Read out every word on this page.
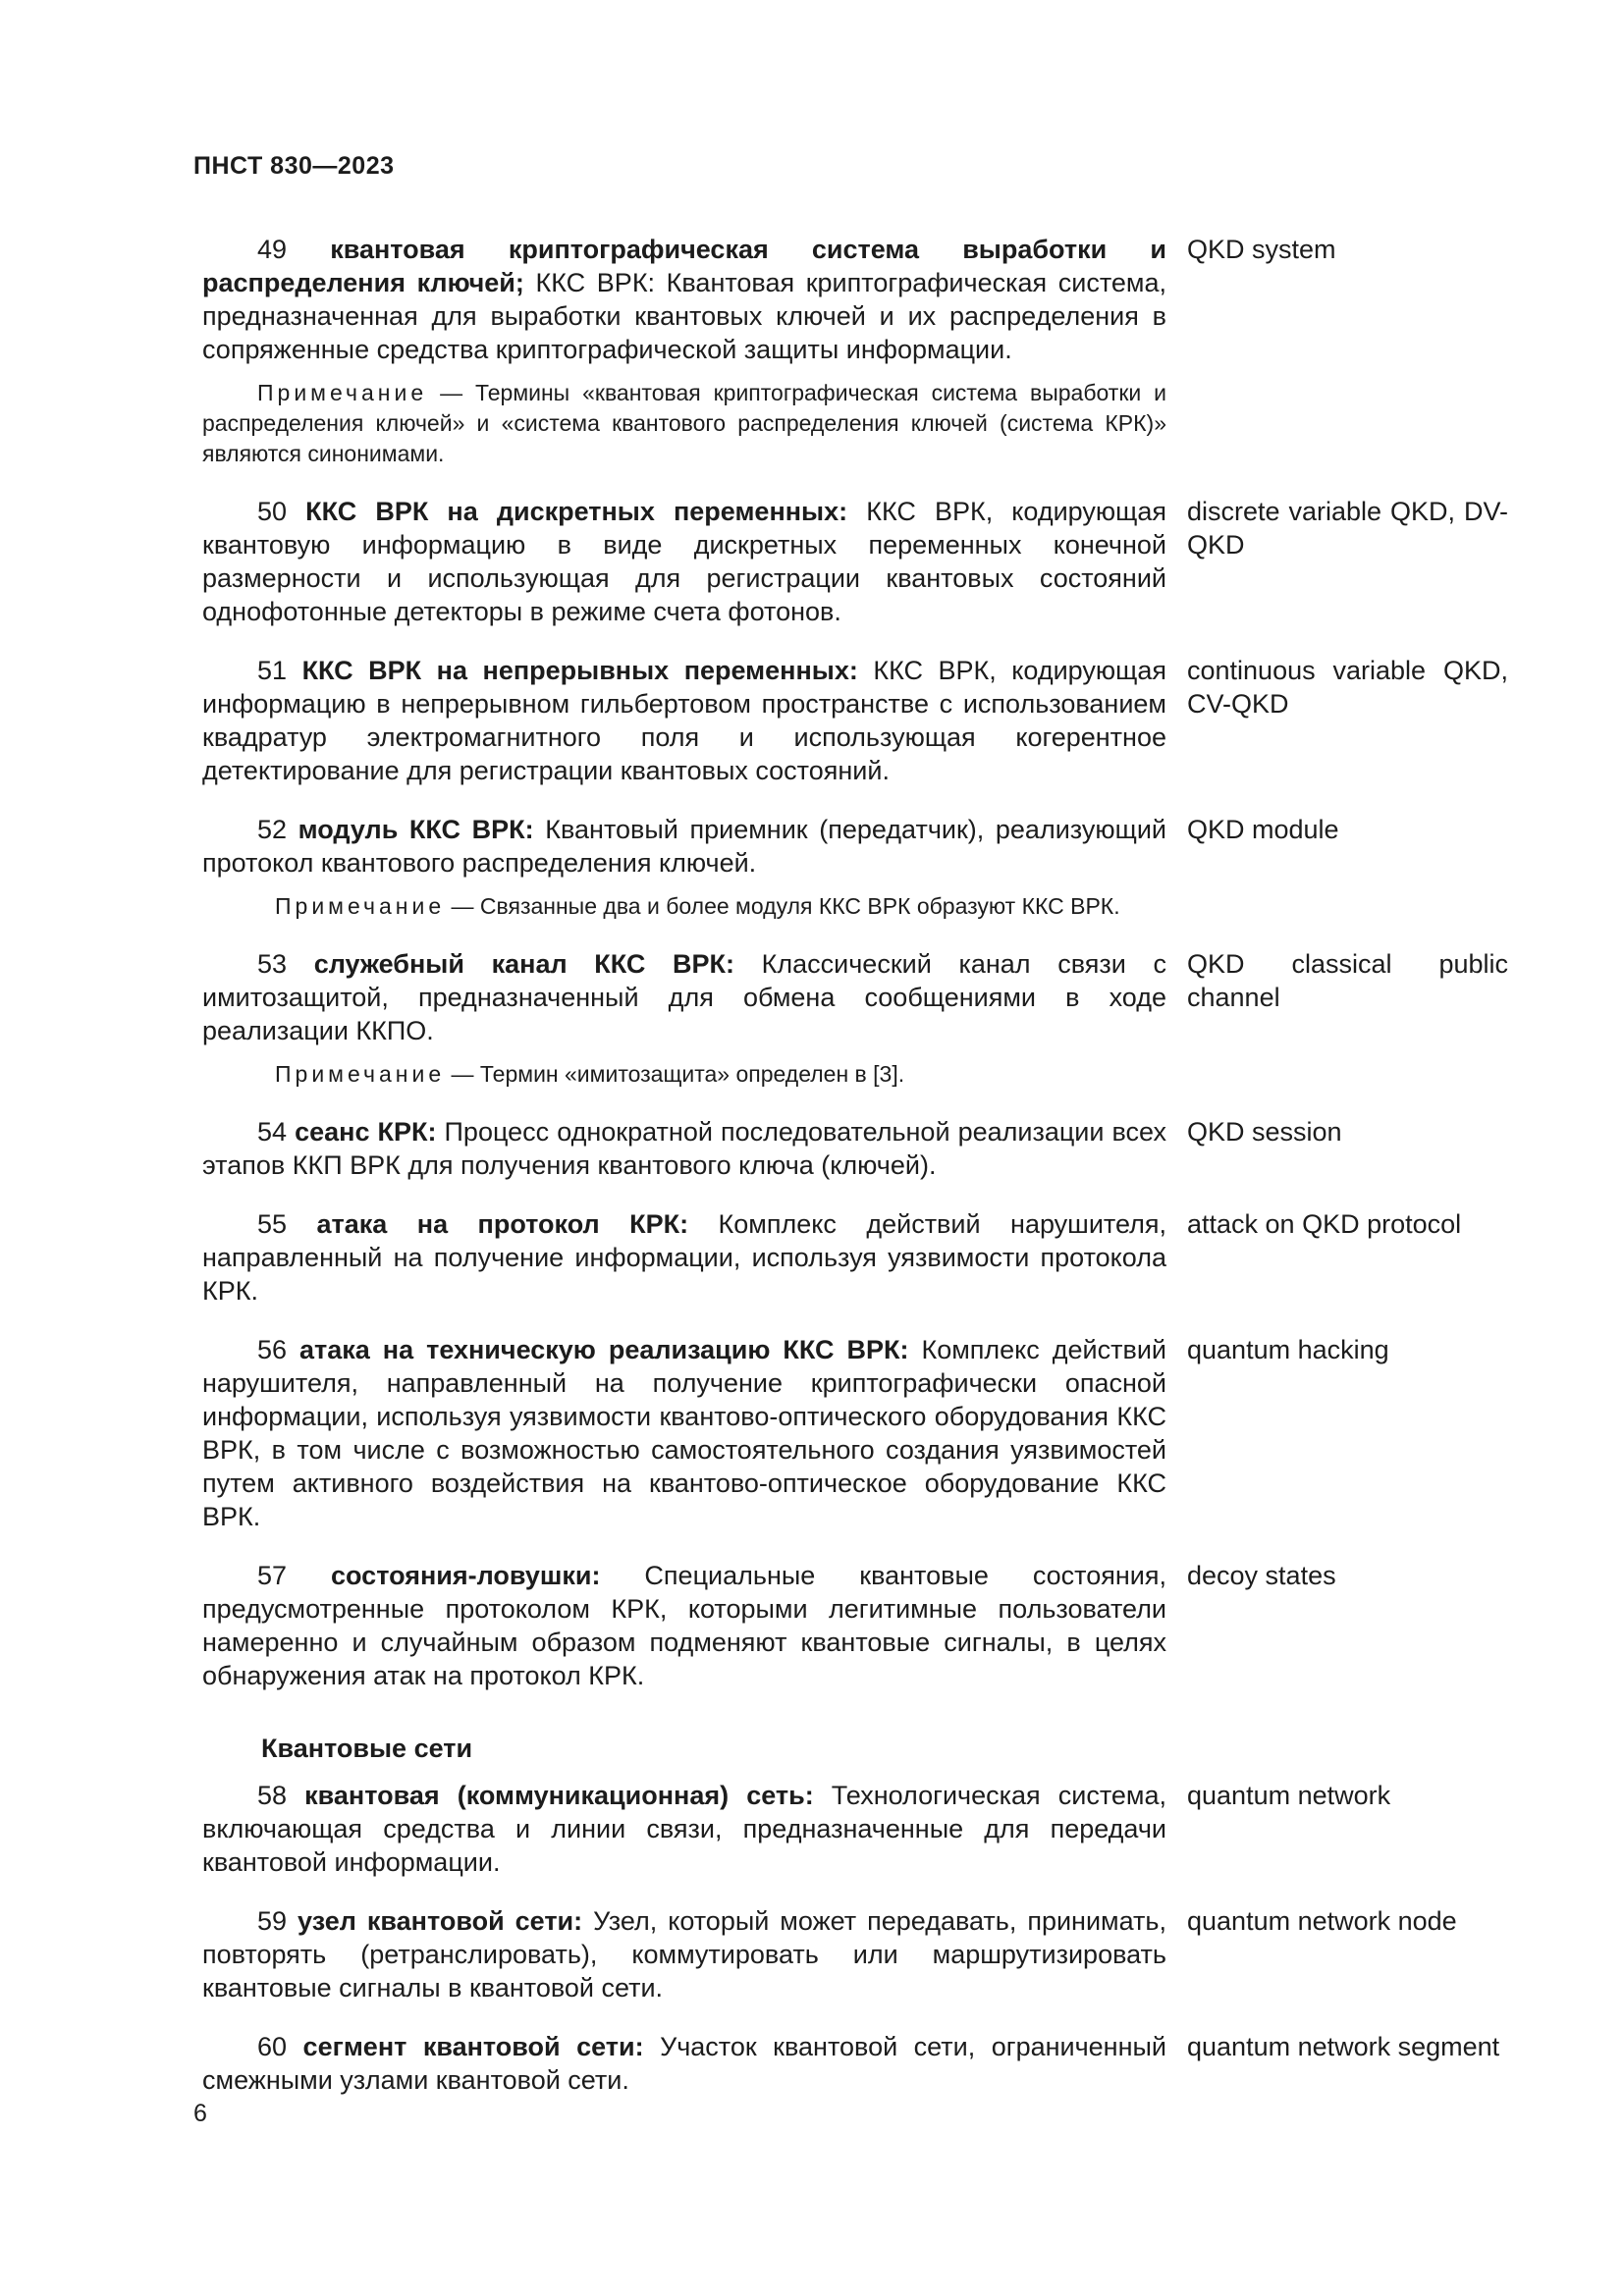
ПНСТ 830—2023

49 квантовая криптографическая система выработки и распределения ключей; ККС ВРК: Квантовая криптографическая система, предназначенная для выработки квантовых ключей и их распределения в сопряженные средства криптографической защиты информации.

QKD system

Примечание — Термины «квантовая криптографическая система выработки и распределения ключей» и «система квантового распределения ключей (система КРК)» являются синонимами.

50 ККС ВРК на дискретных переменных: ККС ВРК, кодирующая квантовую информацию в виде дискретных переменных конечной размерности и использующая для регистрации квантовых состояний однофотонные детекторы в режиме счета фотонов.

discrete variable QKD, DV-QKD

51 ККС ВРК на непрерывных переменных: ККС ВРК, кодирующая информацию в непрерывном гильбертовом пространстве с использованием квадратур электромагнитного поля и использующая когерентное детектирование для регистрации квантовых состояний.

continuous variable QKD, CV-QKD

52 модуль ККС ВРК: Квантовый приемник (передатчик), реализующий протокол квантового распределения ключей.

QKD module

Примечание — Связанные два и более модуля ККС ВРК образуют ККС ВРК.

53 служебный канал ККС ВРК: Классический канал связи с имитозащитой, предназначенный для обмена сообщениями в ходе реализации ККПО.

QKD classical public channel

Примечание — Термин «имитозащита» определен в [3].

54 сеанс КРК: Процесс однократной последовательной реализации всех этапов ККП ВРК для получения квантового ключа (ключей).

QKD session

55 атака на протокол КРК: Комплекс действий нарушителя, направленный на получение информации, используя уязвимости протокола КРК.

attack on QKD protocol

56 атака на техническую реализацию ККС ВРК: Комплекс действий нарушителя, направленный на получение криптографически опасной информации, используя уязвимости квантово-оптического оборудования ККС ВРК, в том числе с возможностью самостоятельного создания уязвимостей путем активного воздействия на квантово-оптическое оборудование ККС ВРК.

quantum hacking

57 состояния-ловушки: Специальные квантовые состояния, предусмотренные протоколом КРК, которыми легитимные пользователи намеренно и случайным образом подменяют квантовые сигналы, в целях обнаружения атак на протокол КРК.

decoy states

Квантовые сети

58 квантовая (коммуникационная) сеть: Технологическая система, включающая средства и линии связи, предназначенные для передачи квантовой информации.

quantum network

59 узел квантовой сети: Узел, который может передавать, принимать, повторять (ретранслировать), коммутировать или маршрутизировать квантовые сигналы в квантовой сети.

quantum network node

60 сегмент квантовой сети: Участок квантовой сети, ограниченный смежными узлами квантовой сети.

quantum network segment

6
